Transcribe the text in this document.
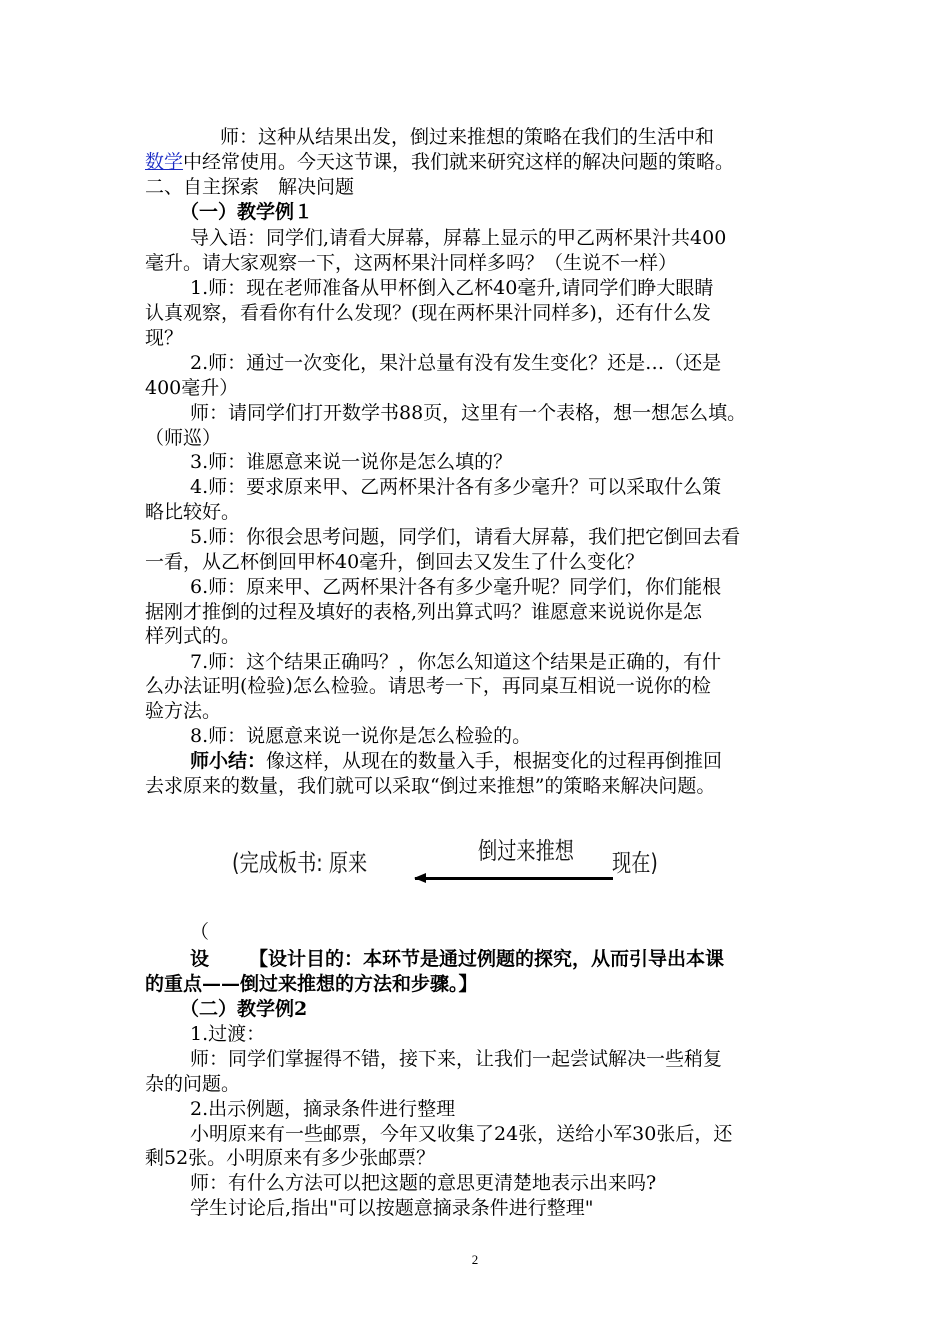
师：这种从结果出发，倒过来推想的策略在我们的生活中和
数学中经常使用。今天这节课，我们就来研究这样的解决问题的策略。
二、自主探索　解决问题
（一）教学例１
导入语：同学们,请看大屏幕，屏幕上显示的甲乙两杯果汁共400
毫升。请大家观察一下，这两杯果汁同样多吗？（生说不一样）
1.师：现在老师准备从甲杯倒入乙杯40毫升,请同学们睁大眼睛
认真观察，看看你有什么发现？(现在两杯果汁同样多)，还有什么发
现？
2.师：通过一次变化，果汁总量有没有发生变化？还是…（还是
400毫升）
师：请同学们打开数学书88页，这里有一个表格，想一想怎么填。
（师巡）
3.师：谁愿意来说一说你是怎么填的？
4.师：要求原来甲、乙两杯果汁各有多少毫升？可以采取什么策
略比较好。
5.师：你很会思考问题，同学们，请看大屏幕，我们把它倒回去看
一看，从乙杯倒回甲杯40毫升，倒回去又发生了什么变化？
6.师：原来甲、乙两杯果汁各有多少毫升呢？同学们，你们能根
据刚才推倒的过程及填好的表格,列出算式吗？谁愿意来说说你是怎
样列式的。
7.师：这个结果正确吗？，你怎么知道这个结果是正确的，有什
么办法证明(检验)怎么检验。请思考一下，再同桌互相说一说你的检
验方法。
8.师：说愿意来说一说你是怎么检验的。
师小结：像这样，从现在的数量入手，根据变化的过程再倒推回
去求原来的数量，我们就可以采取“倒过来推想”的策略来解决问题。
(完成板书: 原来	倒过来推想 现在)
（
设 【设计目的：本环节是通过例题的探究，从而引导出本课
的重点——倒过来推想的方法和步骤。】
（二）教学例2
1.过渡：
师：同学们掌握得不错，接下来，让我们一起尝试解决一些稍复
杂的问题。
2.出示例题，摘录条件进行整理
小明原来有一些邮票，今年又收集了24张，送给小军30张后，还
剩52张。小明原来有多少张邮票？
师：有什么方法可以把这题的意思更清楚地表示出来吗?
学生讨论后,指出"可以按题意摘录条件进行整理"
2
